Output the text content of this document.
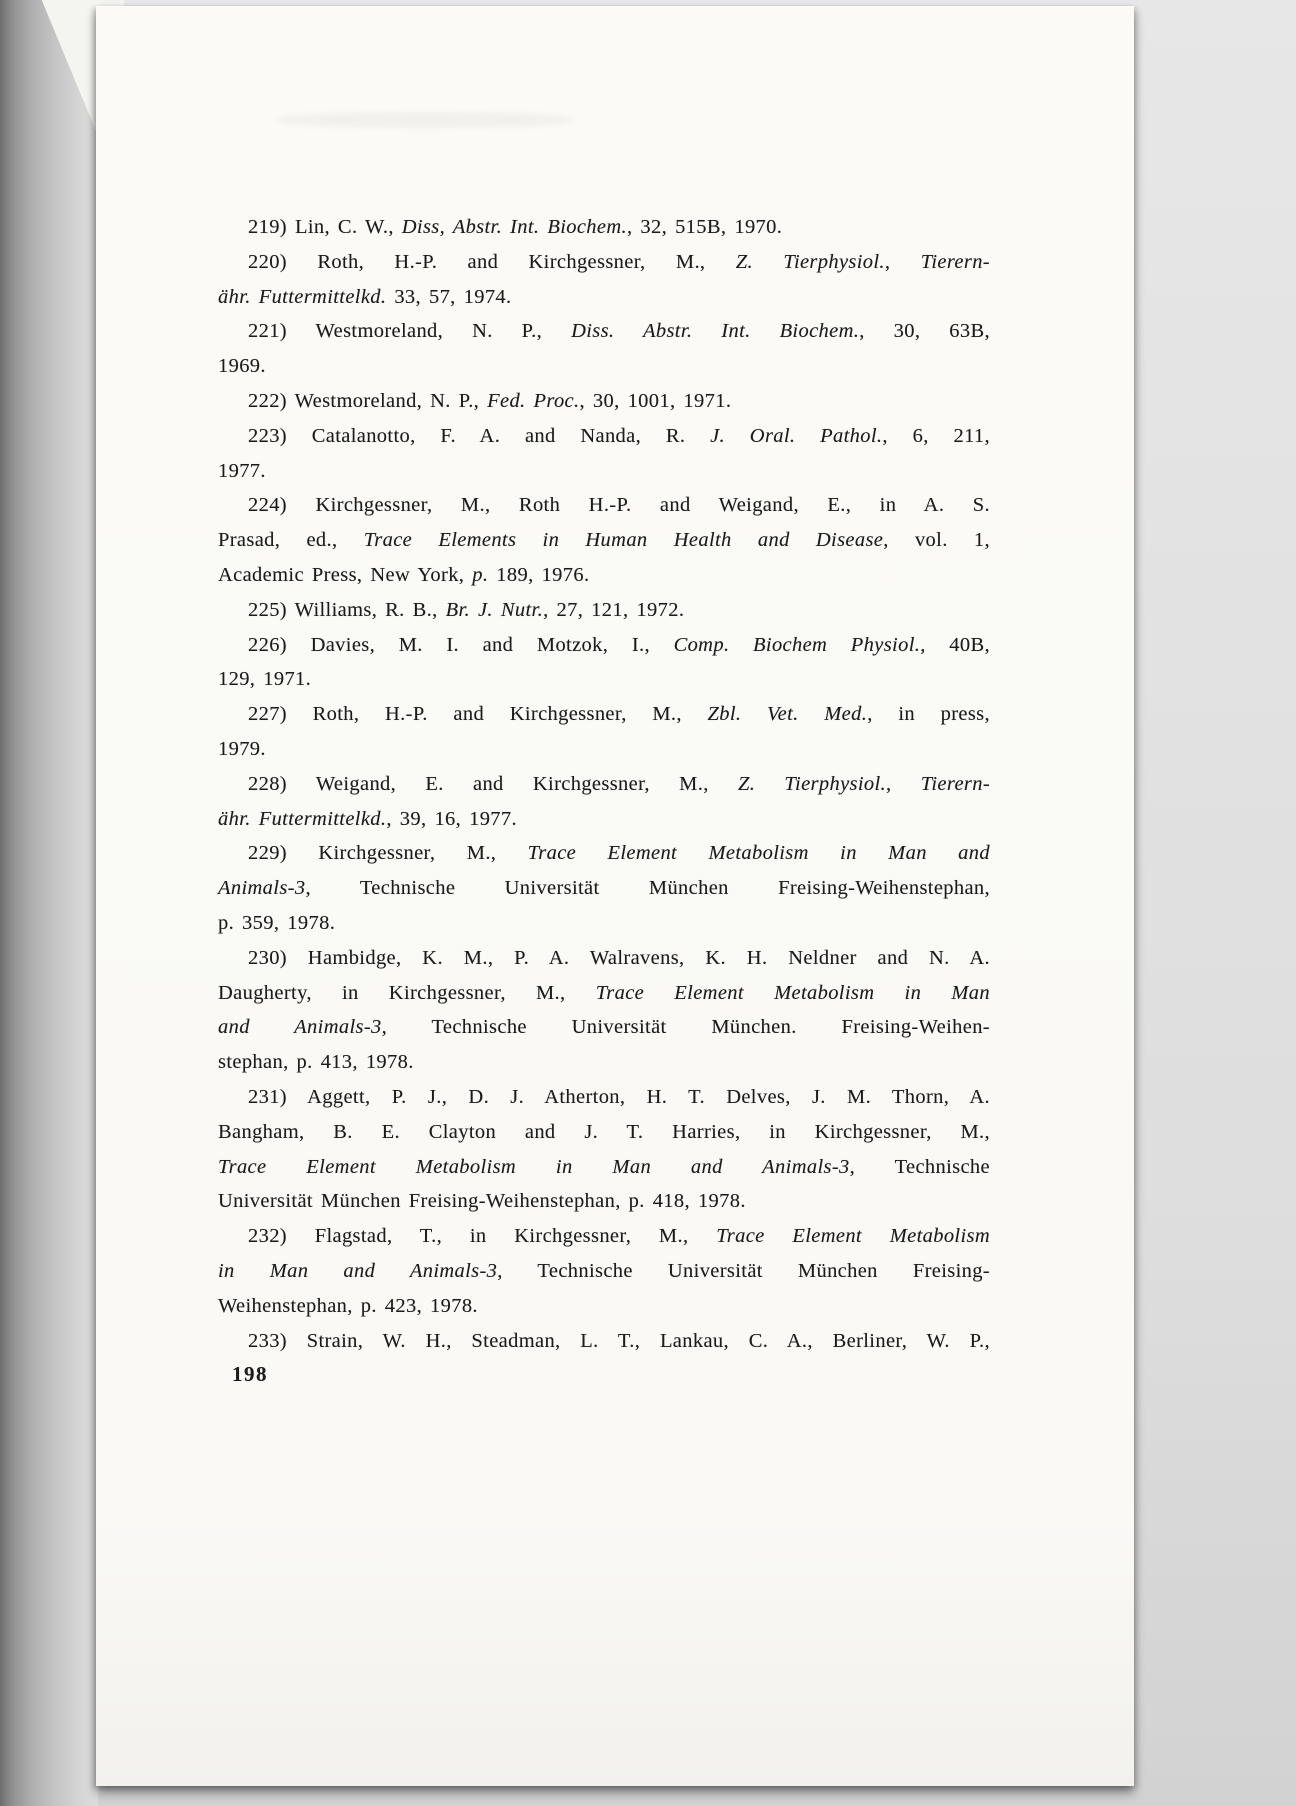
219) Lin, C. W., Diss, Abstr. Int. Biochem., 32, 515B, 1970.
220) Roth, H.-P. and Kirchgessner, M., Z. Tierphysiol., Tierern-
ähr. Futtermittelkd. 33, 57, 1974.
221) Westmoreland, N. P., Diss. Abstr. Int. Biochem., 30, 63B,
1969.
222) Westmoreland, N. P., Fed. Proc., 30, 1001, 1971.
223) Catalanotto, F. A. and Nanda, R. J. Oral. Pathol., 6, 211,
1977.
224) Kirchgessner, M., Roth H.-P. and Weigand, E., in A. S.
Prasad, ed., Trace Elements in Human Health and Disease, vol. 1,
Academic Press, New York, p. 189, 1976.
225) Williams, R. B., Br. J. Nutr., 27, 121, 1972.
226) Davies, M. I. and Motzok, I., Comp. Biochem Physiol., 40B,
129, 1971.
227) Roth, H.-P. and Kirchgessner, M., Zbl. Vet. Med., in press,
1979.
228) Weigand, E. and Kirchgessner, M., Z. Tierphysiol., Tierern-
ähr. Futtermittelkd., 39, 16, 1977.
229) Kirchgessner, M., Trace Element Metabolism in Man and
Animals-3, Technische Universität München Freising-Weihenstephan,
p. 359, 1978.
230) Hambidge, K. M., P. A. Walravens, K. H. Neldner and N. A.
Daugherty, in Kirchgessner, M., Trace Element Metabolism in Man
and Animals-3, Technische Universität München. Freising-Weihen-
stephan, p. 413, 1978.
231) Aggett, P. J., D. J. Atherton, H. T. Delves, J. M. Thorn, A.
Bangham, B. E. Clayton and J. T. Harries, in Kirchgessner, M.,
Trace Element Metabolism in Man and Animals-3, Technische
Universität München Freising-Weihenstephan, p. 418, 1978.
232) Flagstad, T., in Kirchgessner, M., Trace Element Metabolism
in Man and Animals-3, Technische Universität München Freising-
Weihenstephan, p. 423, 1978.
233) Strain, W. H., Steadman, L. T., Lankau, C. A., Berliner, W. P.,
198
